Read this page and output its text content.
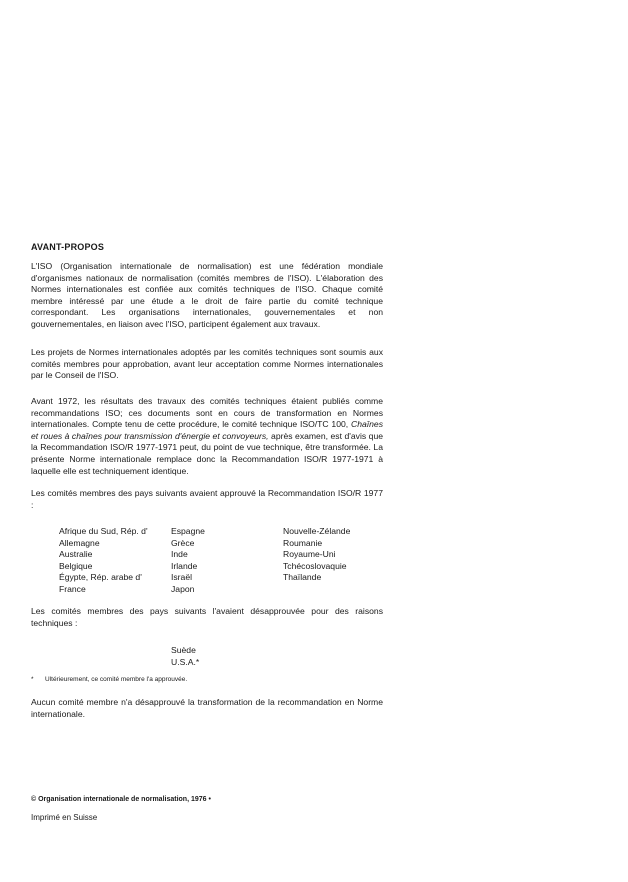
AVANT-PROPOS

L'ISO (Organisation internationale de normalisation) est une fédération mondiale d'organismes nationaux de normalisation (comités membres de l'ISO). L'élaboration des Normes internationales est confiée aux comités techniques de l'ISO. Chaque comité membre intéressé par une étude a le droit de faire partie du comité technique correspondant. Les organisations internationales, gouvernementales et non gouvernementales, en liaison avec l'ISO, participent également aux travaux.

Les projets de Normes internationales adoptés par les comités techniques sont soumis aux comités membres pour approbation, avant leur acceptation comme Normes internationales par le Conseil de l'ISO.

Avant 1972, les résultats des travaux des comités techniques étaient publiés comme recommandations ISO; ces documents sont en cours de transformation en Normes internationales. Compte tenu de cette procédure, le comité technique ISO/TC 100, Chaînes et roues à chaînes pour transmission d'énergie et convoyeurs, après examen, est d'avis que la Recommandation ISO/R 1977-1971 peut, du point de vue technique, être transformée. La présente Norme internationale remplace donc la Recommandation ISO/R 1977-1971 à laquelle elle est techniquement identique.

Les comités membres des pays suivants avaient approuvé la Recommandation ISO/R 1977 :

Afrique du Sud, Rép. d'
Allemagne
Australie
Belgique
Égypte, Rép. arabe d'
France
Espagne
Grèce
Inde
Irlande
Israël
Japon
Nouvelle-Zélande
Roumanie
Royaume-Uni
Tchécoslovaquie
Thaïlande

Les comités membres des pays suivants l'avaient désapprouvée pour des raisons techniques :

Suède
U.S.A.*
* Ultérieurement, ce comité membre l'a approuvée.

Aucun comité membre n'a désapprouvé la transformation de la recommandation en Norme internationale.

© Organisation internationale de normalisation, 1976 •
Imprimé en Suisse
